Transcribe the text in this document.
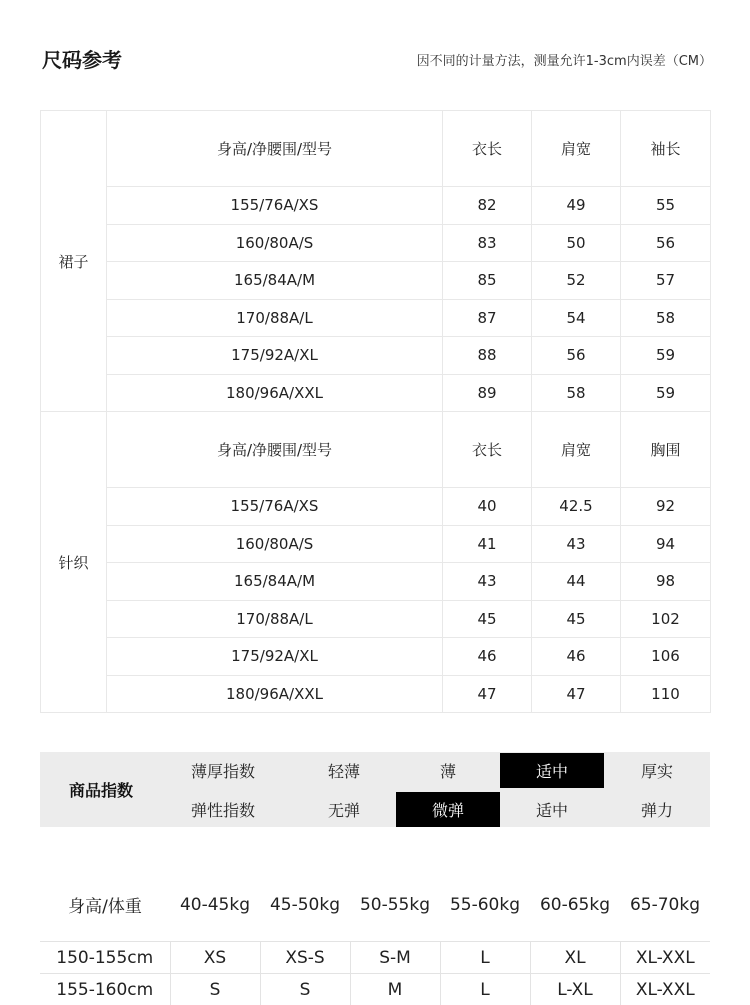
尺码参考	因不同的计量方法，测量允许1-3cm内误差（CM）
裙子	身高/净腰围/型号	衣长	肩宽	袖长
	155/76A/XS	82	49	55
	160/80A/S	83	50	56
	165/84A/M	85	52	57
	170/88A/L	87	54	58
	175/92A/XL	88	56	59
	180/96A/XXL	89	58	59
针织	身高/净腰围/型号	衣长	肩宽	胸围
	155/76A/XS	40	42.5	92
	160/80A/S	41	43	94
	165/84A/M	43	44	98
	170/88A/L	45	45	102
	175/92A/XL	46	46	106
	180/96A/XXL	47	47	110
商品指数
薄厚指数	轻薄	薄	适中	厚实
弹性指数	无弹	微弹	适中	弹力
身高/体重	40-45kg	45-50kg	50-55kg	55-60kg	60-65kg	65-70kg
150-155cm	XS	XS-S	S-M	L	XL	XL-XXL
155-160cm	S	S	M	L	L-XL	XL-XXL
